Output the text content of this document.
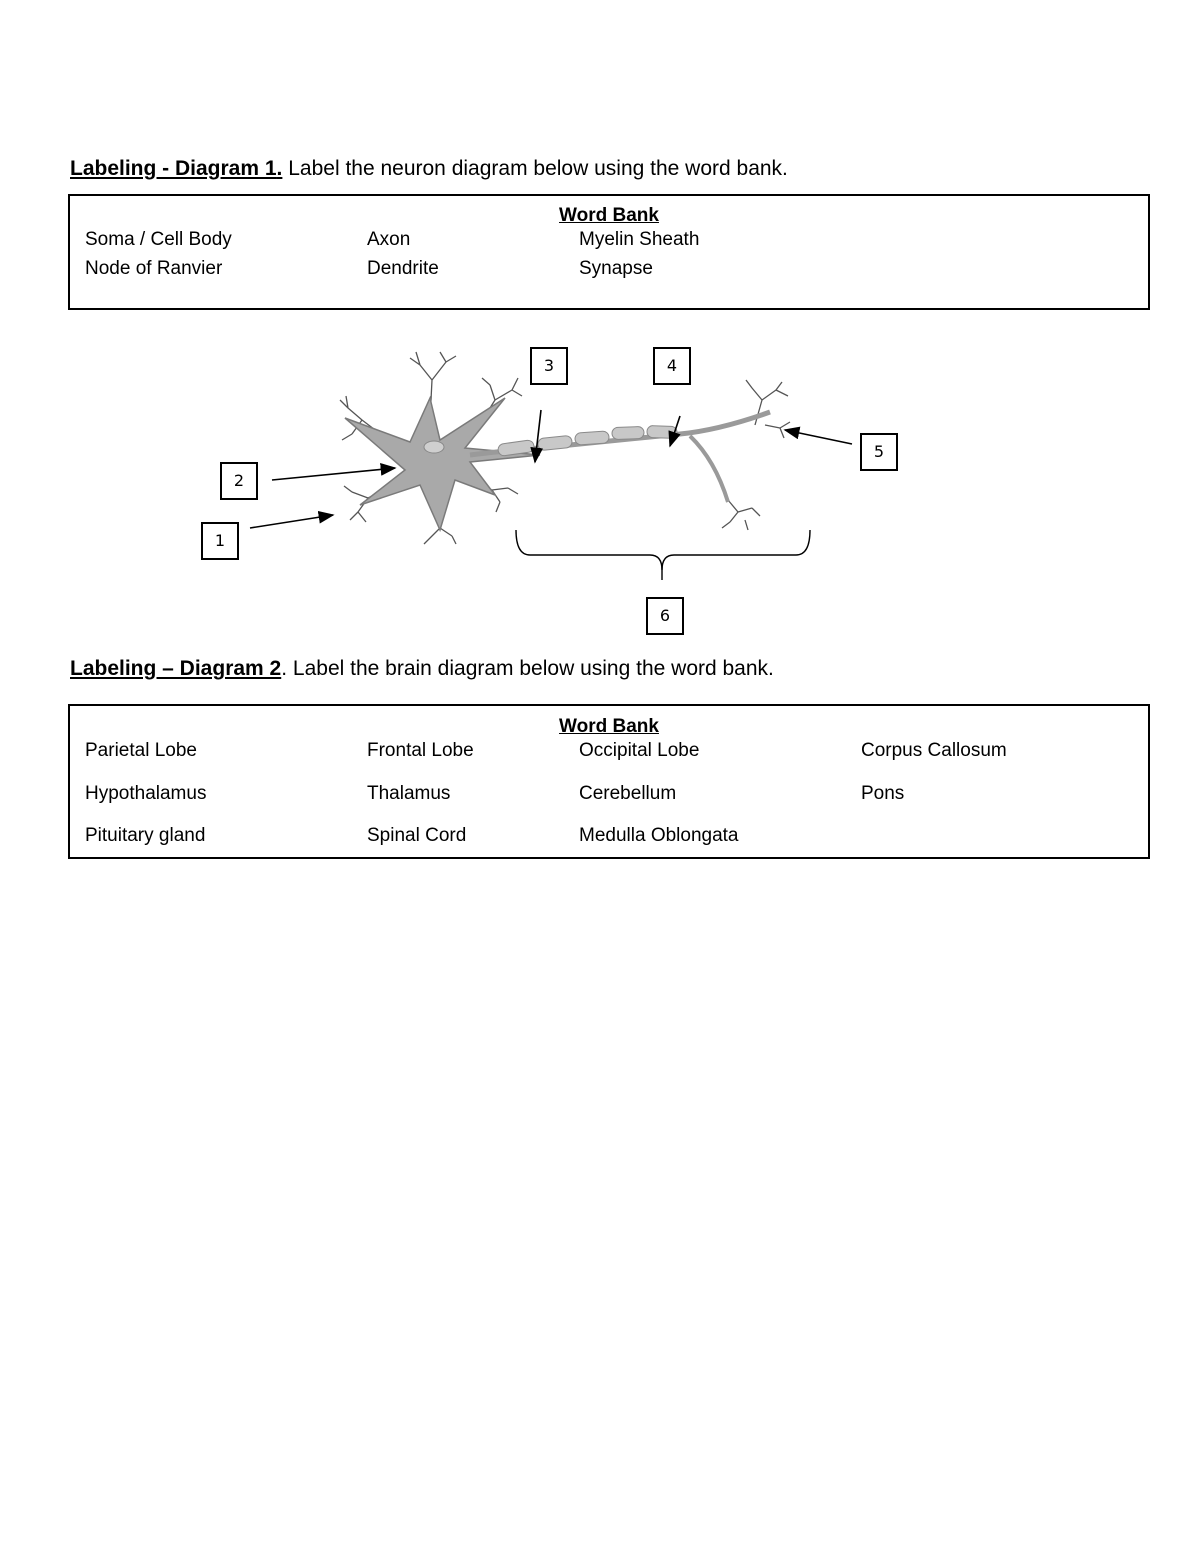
Labeling - Diagram 1. Label the neuron diagram below using the word bank.
Word Bank
Soma / Cell Body	Axon	Myelin Sheath
Node of Ranvier	Dendrite	Synapse
1
2
3	4
5
6
Labeling – Diagram 2. Label the brain diagram below using the word bank.
Word Bank
Parietal Lobe	Frontal Lobe	Occipital Lobe	Corpus Callosum
Hypothalamus	Thalamus	Cerebellum	Pons
Pituitary gland	Spinal Cord	Medulla Oblongata
